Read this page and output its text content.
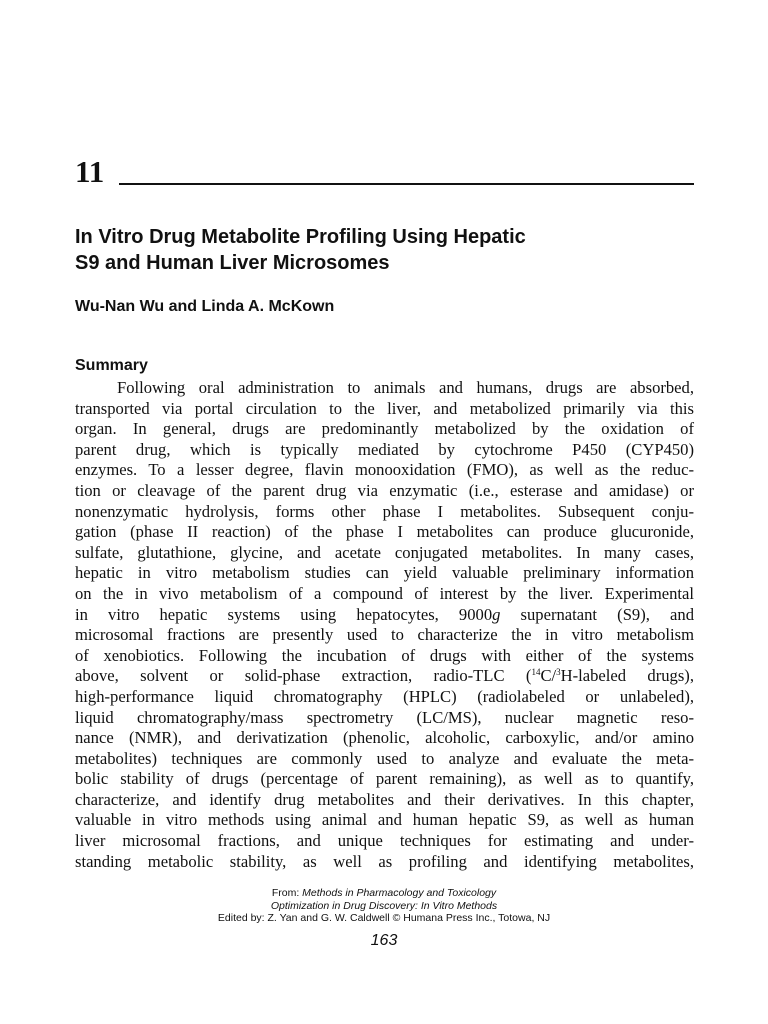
11
In Vitro Drug Metabolite Profiling Using Hepatic
S9 and Human Liver Microsomes
Wu-Nan Wu and Linda A. McKown
Summary
Following oral administration to animals and humans, drugs are absorbed,
transported via portal circulation to the liver, and metabolized primarily via this
organ. In general, drugs are predominantly metabolized by the oxidation of
parent drug, which is typically mediated by cytochrome P450 (CYP450)
enzymes. To a lesser degree, flavin monooxidation (FMO), as well as the reduc-
tion or cleavage of the parent drug via enzymatic (i.e., esterase and amidase) or
nonenzymatic hydrolysis, forms other phase I metabolites. Subsequent conju-
gation (phase II reaction) of the phase I metabolites can produce glucuronide,
sulfate, glutathione, glycine, and acetate conjugated metabolites. In many cases,
hepatic in vitro metabolism studies can yield valuable preliminary information
on the in vivo metabolism of a compound of interest by the liver. Experimental
in vitro hepatic systems using hepatocytes, 9000g supernatant (S9), and
microsomal fractions are presently used to characterize the in vitro metabolism
of xenobiotics. Following the incubation of drugs with either of the systems
above, solvent or solid-phase extraction, radio-TLC ($^{14}$C/$^3$H-labeled drugs),
high-performance liquid chromatography (HPLC) (radiolabeled or unlabeled),
liquid chromatography/mass spectrometry (LC/MS), nuclear magnetic reso-
nance (NMR), and derivatization (phenolic, alcoholic, carboxylic, and/or amino
metabolites) techniques are commonly used to analyze and evaluate the meta-
bolic stability of drugs (percentage of parent remaining), as well as to quantify,
characterize, and identify drug metabolites and their derivatives. In this chapter,
valuable in vitro methods using animal and human hepatic S9, as well as human
liver microsomal fractions, and unique techniques for estimating and under-
standing metabolic stability, as well as profiling and identifying metabolites,
From: Methods in Pharmacology and Toxicology
Optimization in Drug Discovery: In Vitro Methods
Edited by: Z. Yan and G. W. Caldwell © Humana Press Inc., Totowa, NJ
163
